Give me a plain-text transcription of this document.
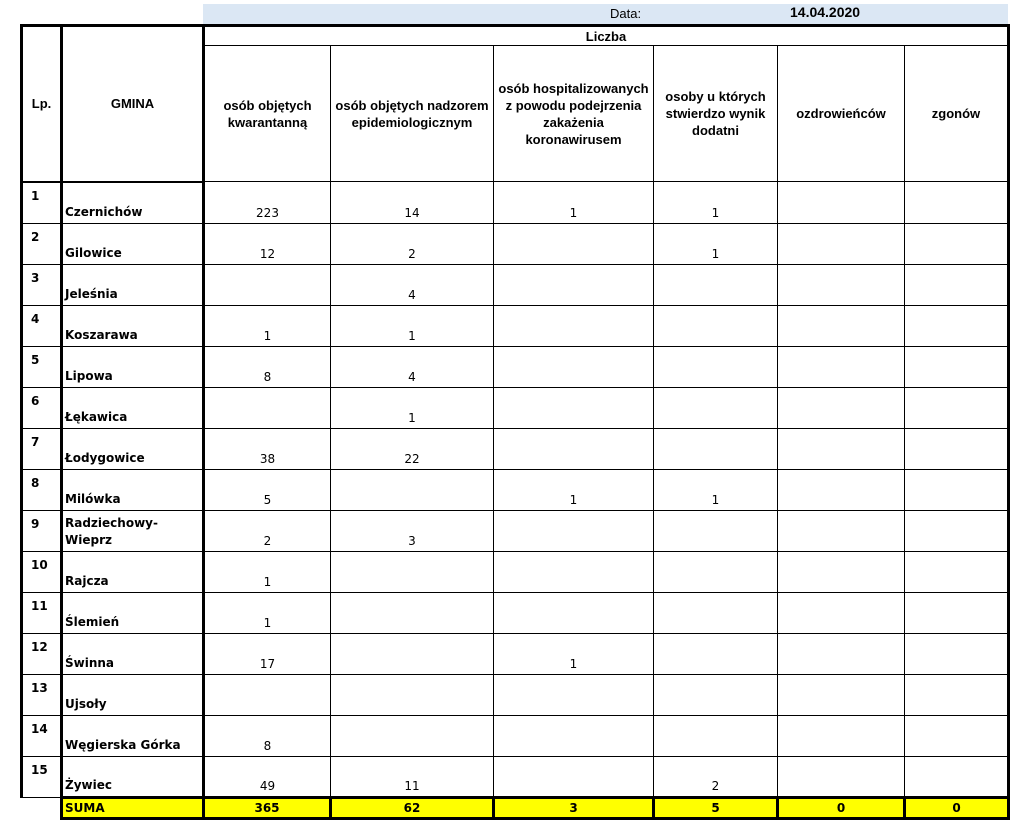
Data:	14.04.2020
Lp.	GMINA	Liczba					
		osób objętych kwarantanną	osób objętych nadzorem epidemiologicznym	osób hospitalizowanych z powodu podejrzenia zakażenia koronawirusem	osoby u których stwierdzo wynik dodatni	ozdrowieńców	zgonów
1	Czernichów	223	14	1	1		
2	Gilowice	12	2		1		
3	Jeleśnia		4				
4	Koszarawa	1	1				
5	Lipowa	8	4				
6	Łękawica		1				
7	Łodygowice	38	22				
8	Milówka	5		1	1		
9	Radziechowy-Wieprz	2	3				
10	Rajcza	1					
11	Ślemień	1					
12	Świnna	17		1			
13	Ujsoły						
14	Węgierska Górka	8					
15	Żywiec	49	11		2		
	SUMA	365	62	3	5	0	0
